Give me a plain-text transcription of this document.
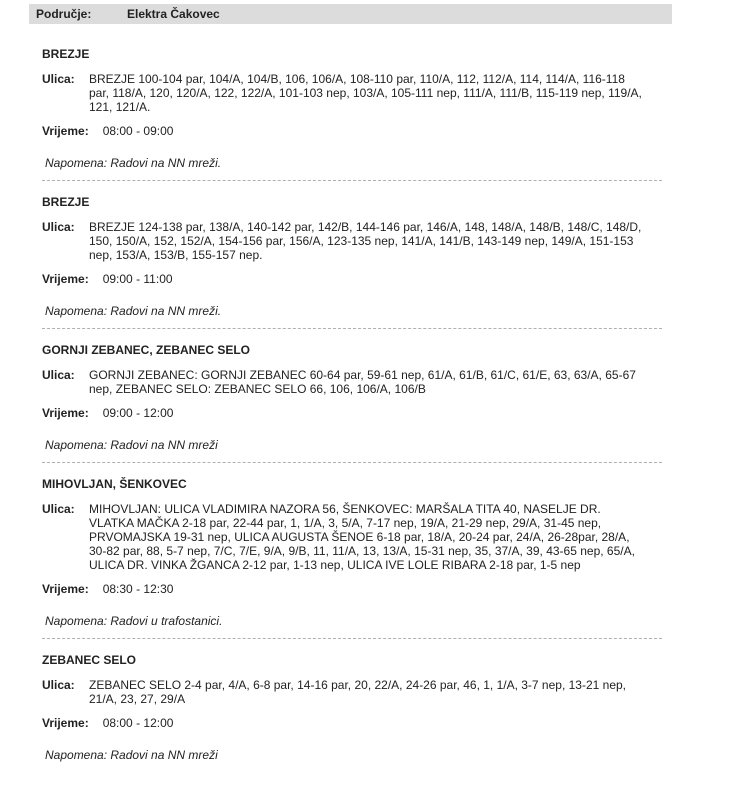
Područje:	Elektra Čakovec
BREZJE
Ulica:	BREZJE 100-104 par, 104/A, 104/B, 106, 106/A, 108-110 par, 110/A, 112, 112/A, 114, 114/A, 116-118 par, 118/A, 120, 120/A, 122, 122/A, 101-103 nep, 103/A, 105-111 nep, 111/A, 111/B, 115-119 nep, 119/A, 121, 121/A.
Vrijeme: 08:00 - 09:00
Napomena: Radovi na NN mreži.
BREZJE
Ulica:	BREZJE 124-138 par, 138/A, 140-142 par, 142/B, 144-146 par, 146/A, 148, 148/A, 148/B, 148/C, 148/D, 150, 150/A, 152, 152/A, 154-156 par, 156/A, 123-135 nep, 141/A, 141/B, 143-149 nep, 149/A, 151-153 nep, 153/A, 153/B, 155-157 nep.
Vrijeme: 09:00 - 11:00
Napomena: Radovi na NN mreži.
GORNJI ZEBANEC, ZEBANEC SELO
Ulica:	GORNJI ZEBANEC: GORNJI ZEBANEC 60-64 par, 59-61 nep, 61/A, 61/B, 61/C, 61/E, 63, 63/A, 65-67 nep, ZEBANEC SELO: ZEBANEC SELO 66, 106, 106/A, 106/B
Vrijeme: 09:00 - 12:00
Napomena: Radovi na NN mreži
MIHOVLJAN, ŠENKOVEC
Ulica:	MIHOVLJAN: ULICA VLADIMIRA NAZORA 56, ŠENKOVEC: MARŠALA TITA 40, NASELJE DR. VLATKA MAČKA 2-18 par, 22-44 par, 1, 1/A, 3, 5/A, 7-17 nep, 19/A, 21-29 nep, 29/A, 31-45 nep, PRVOMAJSKA 19-31 nep, ULICA AUGUSTA ŠENOE 6-18 par, 18/A, 20-24 par, 24/A, 26-28par, 28/A, 30-82 par, 88, 5-7 nep, 7/C, 7/E, 9/A, 9/B, 11, 11/A, 13, 13/A, 15-31 nep, 35, 37/A, 39, 43-65 nep, 65/A, ULICA DR. VINKA ŽGANCA 2-12 par, 1-13 nep, ULICA IVE LOLE RIBARA 2-18 par, 1-5 nep
Vrijeme: 08:30 - 12:30
Napomena: Radovi u trafostanici.
ZEBANEC SELO
Ulica:	ZEBANEC SELO 2-4 par, 4/A, 6-8 par, 14-16 par, 20, 22/A, 24-26 par, 46, 1, 1/A, 3-7 nep, 13-21 nep, 21/A, 23, 27, 29/A
Vrijeme: 08:00 - 12:00
Napomena: Radovi na NN mreži
